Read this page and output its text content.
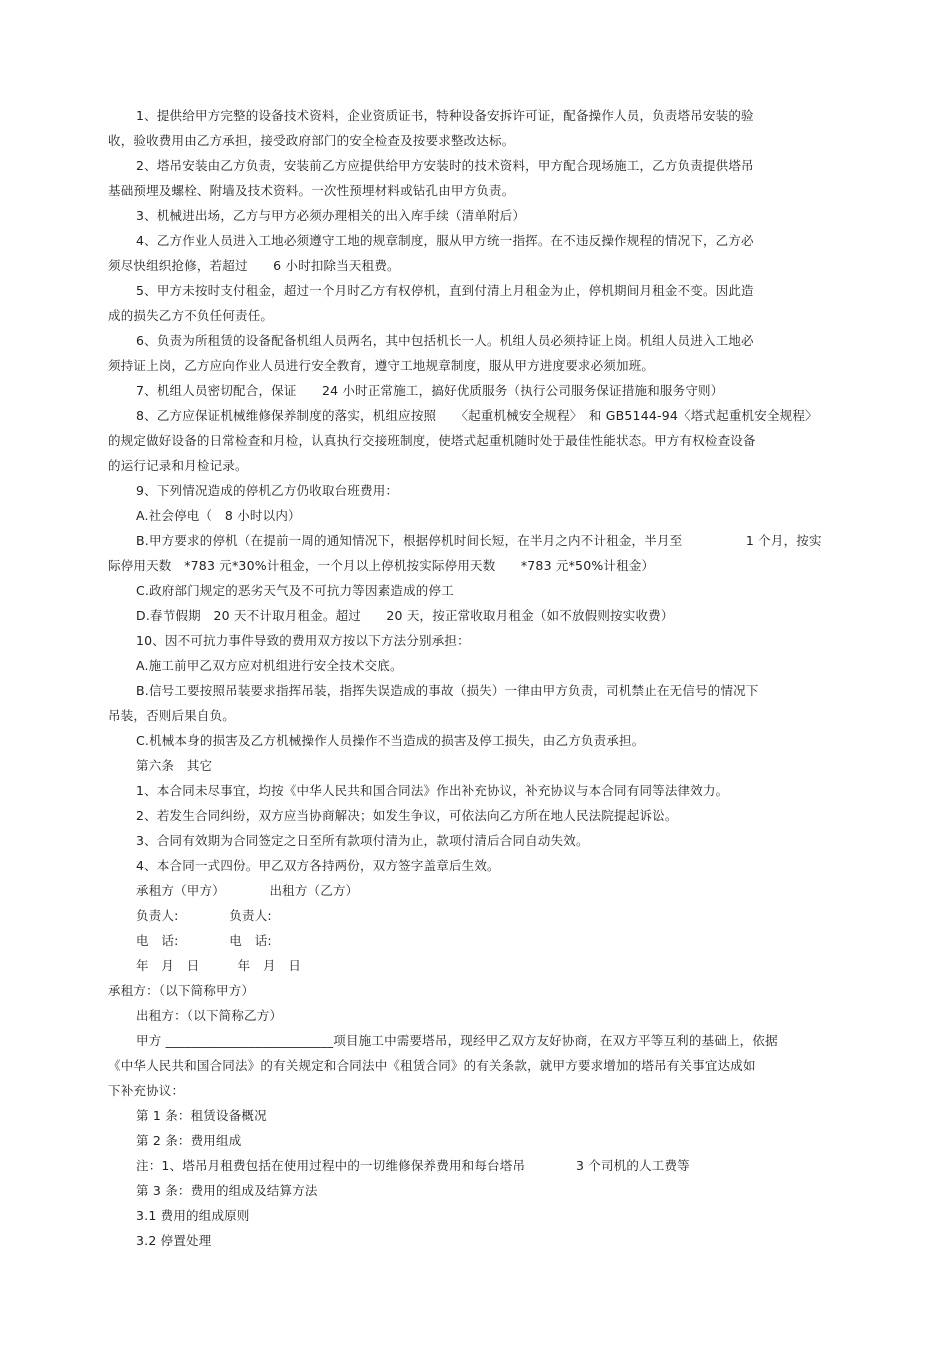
1、提供给甲方完整的设备技术资料，企业资质证书，特种设备安拆许可证，配备操作人员，负责塔吊安装的验
收，验收费用由乙方承担，接受政府部门的安全检查及按要求整改达标。
2、塔吊安装由乙方负责，安装前乙方应提供给甲方安装时的技术资料，甲方配合现场施工，乙方负责提供塔吊
基础预埋及螺栓、附墙及技术资料。一次性预埋材料或钻孔由甲方负责。
3、机械进出场，乙方与甲方必须办理相关的出入库手续（清单附后）
4、乙方作业人员进入工地必须遵守工地的规章制度，服从甲方统一指挥。在不违反操作规程的情况下，乙方必
须尽快组织抢修，若超过　　6 小时扣除当天租费。
5、甲方未按时支付租金，超过一个月时乙方有权停机，直到付清上月租金为止，停机期间月租金不变。因此造
成的损失乙方不负任何责任。
6、负责为所租赁的设备配备机组人员两名，其中包括机长一人。机组人员必须持证上岗。机组人员进入工地必
须持证上岗，乙方应向作业人员进行安全教育，遵守工地规章制度，服从甲方进度要求必须加班。
7、机组人员密切配合，保证　　24 小时正常施工，搞好优质服务（执行公司服务保证措施和服务守则）
8、乙方应保证机械维修保养制度的落实，机组应按照　　〈起重机械安全规程〉　和 GB5144-94〈塔式起重机安全规程〉
的规定做好设备的日常检查和月检，认真执行交接班制度，使塔式起重机随时处于最佳性能状态。甲方有权检查设备
的运行记录和月检记录。
9、下列情况造成的停机乙方仍收取台班费用：
A.社会停电（　8 小时以内）
B.甲方要求的停机（在提前一周的通知情况下，根据停机时间长短，在半月之内不计租金，半月至　　　　　1 个月，按实
际停用天数　*783 元*30%计租金，一个月以上停机按实际停用天数　　*783 元*50%计租金）
C.政府部门规定的恶劣天气及不可抗力等因素造成的停工
D.春节假期　20 天不计取月租金。超过　　20 天，按正常收取月租金（如不放假则按实收费）
10、因不可抗力事件导致的费用双方按以下方法分别承担：
A.施工前甲乙双方应对机组进行安全技术交底。
B.信号工要按照吊装要求指挥吊装，指挥失误造成的事故（损失）一律由甲方负责，司机禁止在无信号的情况下
吊装，否则后果自负。
C.机械本身的损害及乙方机械操作人员操作不当造成的损害及停工损失，由乙方负责承担。
第六条　其它
1、本合同未尽事宜，均按《中华人民共和国合同法》作出补充协议，补充协议与本合同有同等法律效力。
2、若发生合同纠纷，双方应当协商解决；如发生争议，可依法向乙方所在地人民法院提起诉讼。
3、合同有效期为合同签定之日至所有款项付清为止，款项付清后合同自动失效。
4、本合同一式四份。甲乙双方各持两份，双方签字盖章后生效。
承租方（甲方）　　　　出租方（乙方）
负责人:　　　　负责人:
电　话:　　　　电　话:
年　月　日　　　年　月　日
承租方：（以下简称甲方）
出租方：（以下简称乙方）
甲方 __________________________项目施工中需要塔吊，现经甲乙双方友好协商，在双方平等互利的基础上，依据
《中华人民共和国合同法》的有关规定和合同法中《租赁合同》的有关条款，就甲方要求增加的塔吊有关事宜达成如
下补充协议：
第 1 条：租赁设备概况
第 2 条：费用组成
注：1、塔吊月租费包括在使用过程中的一切维修保养费用和每台塔吊　　　　3 个司机的人工费等
第 3 条：费用的组成及结算方法
3.1 费用的组成原则
3.2 停置处理
